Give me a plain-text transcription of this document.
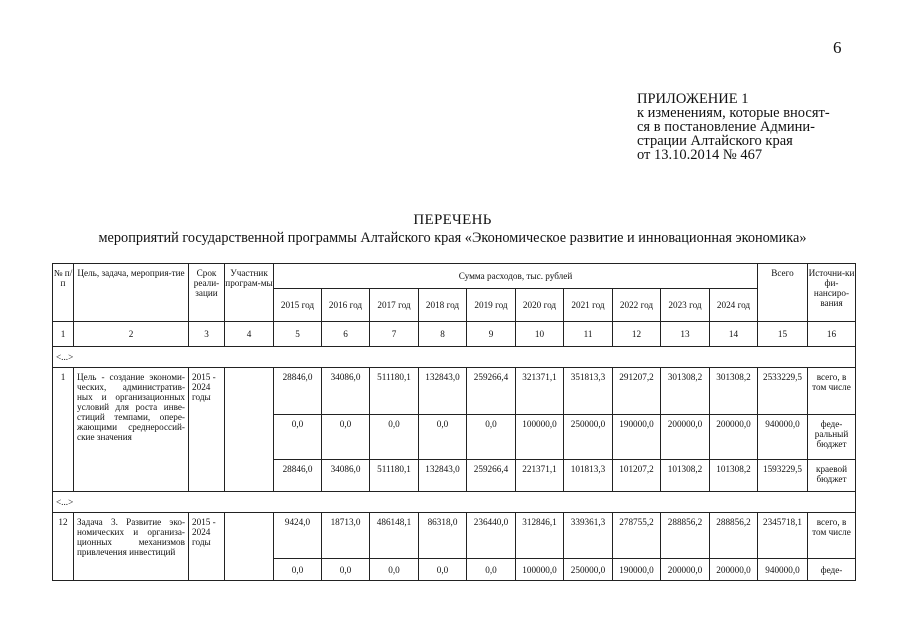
6
ПРИЛОЖЕНИЕ 1
к изменениям, которые вносят-
ся в постановление Админи-
страции Алтайского края
от 13.10.2014 № 467
ПЕРЕЧЕНЬ
мероприятий государственной программы Алтайского края «Экономическое развитие и инновационная экономика»
№ п/п	Цель, задача, мероприя-тие	Срок реали-зации	Участник програм-мы	Сумма расходов, тыс. рублей										Всего	Источни-ки фи-нансиро-вания
				2015 год	2016 год	2017 год	2018 год	2019 год	2020 год	2021 год	2022 год	2023 год	2024 год		
1	2	3	4	5	6	7	8	9	10	11	12	13	14	15	16
<...>															
1	Цель - создание экономи-ческих, административ-ных и организационных условий для роста инве-стиций темпами, опере-жающими среднероссий-ские значения	2015 - 2024 годы		28846,0	34086,0	511180,1	132843,0	259266,4	321371,1	351813,3	291207,2	301308,2	301308,2	2533229,5	всего, в том числе
				0,0	0,0	0,0	0,0	0,0	100000,0	250000,0	190000,0	200000,0	200000,0	940000,0	феде-ральный бюджет
				28846,0	34086,0	511180,1	132843,0	259266,4	221371,1	101813,3	101207,2	101308,2	101308,2	1593229,5	краевой бюджет
<...>															
12	Задача 3. Развитие эко-номических и организа-ционных механизмов привлечения инвестиций	2015 - 2024 годы		9424,0	18713,0	486148,1	86318,0	236440,0	312846,1	339361,3	278755,2	288856,2	288856,2	2345718,1	всего, в том числе
				0,0	0,0	0,0	0,0	0,0	100000,0	250000,0	190000,0	200000,0	200000,0	940000,0	феде-
